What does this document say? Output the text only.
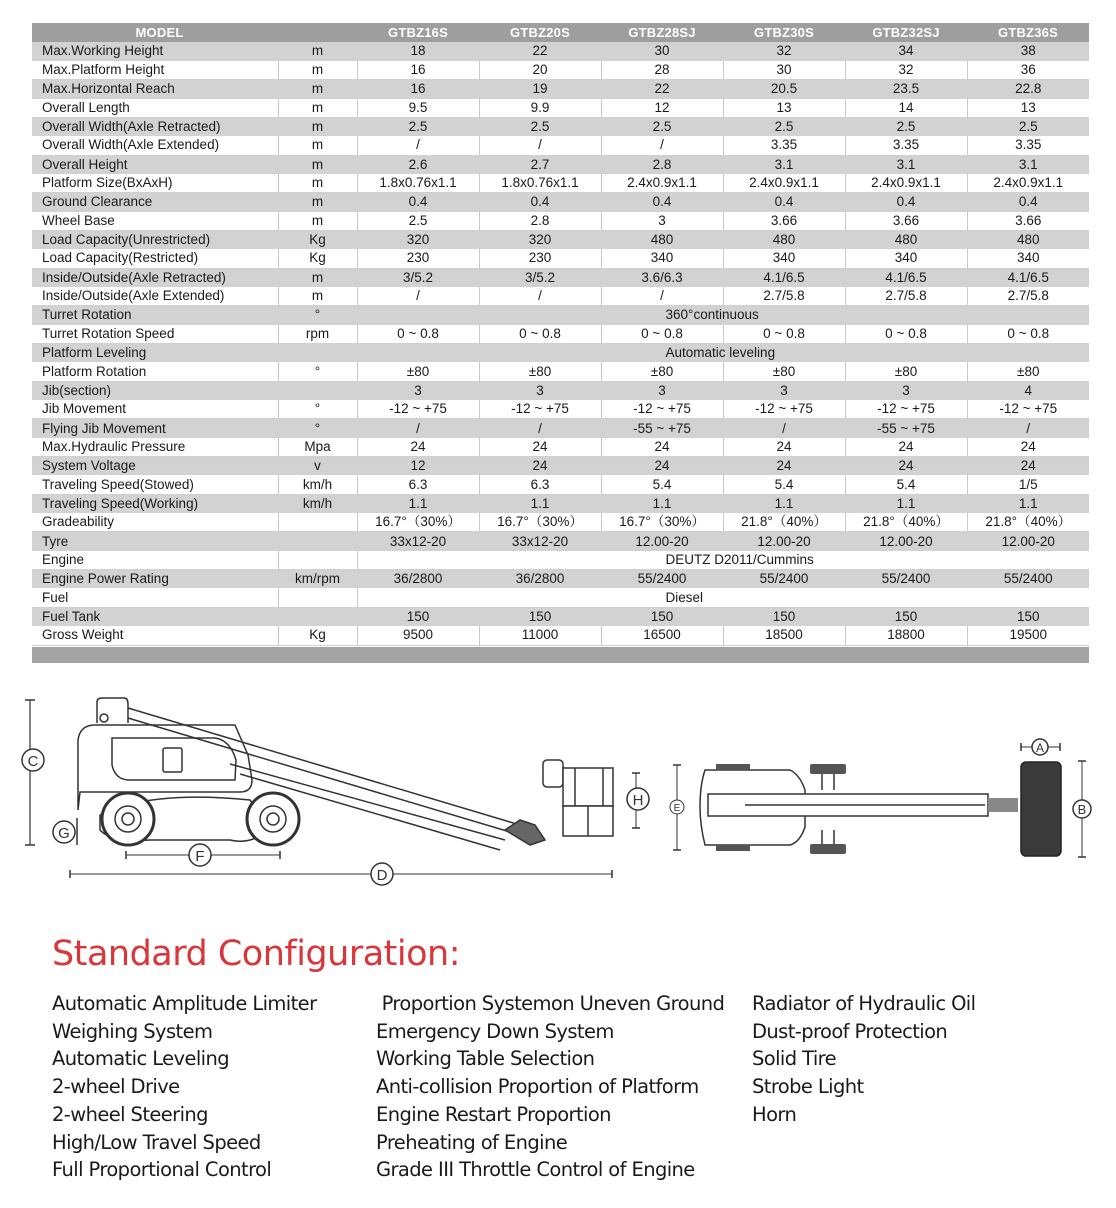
MODEL		GTBZ16S	GTBZ20S	GTBZ28SJ	GTBZ30S	GTBZ32SJ	GTBZ36S
Max.Working Height	m	18	22	30	32	34	38
Max.Platform Height	m	16	20	28	30	32	36
Max.Horizontal Reach	m	16	19	22	20.5	23.5	22.8
Overall Length	m	9.5	9.9	12	13	14	13
Overall Width(Axle Retracted)	m	2.5	2.5	2.5	2.5	2.5	2.5
Overall Width(Axle Extended)	m	/	/	/	3.35	3.35	3.35
Overall Height	m	2.6	2.7	2.8	3.1	3.1	3.1
Platform Size(BxAxH)	m	1.8x0.76x1.1	1.8x0.76x1.1	2.4x0.9x1.1	2.4x0.9x1.1	2.4x0.9x1.1	2.4x0.9x1.1
Ground Clearance	m	0.4	0.4	0.4	0.4	0.4	0.4
Wheel Base	m	2.5	2.8	3	3.66	3.66	3.66
Load Capacity(Unrestricted)	Kg	320	320	480	480	480	480
Load Capacity(Restricted)	Kg	230	230	340	340	340	340
Inside/Outside(Axle Retracted)	m	3/5.2	3/5.2	3.6/6.3	4.1/6.5	4.1/6.5	4.1/6.5
Inside/Outside(Axle Extended)	m	/	/	/	2.7/5.8	2.7/5.8	2.7/5.8
Turret Rotation	°	360°continuous					
Turret Rotation Speed	rpm	0 ~ 0.8	0 ~ 0.8	0 ~ 0.8	0 ~ 0.8	0 ~ 0.8	0 ~ 0.8
Platform Leveling		Automatic leveling					
Platform Rotation	°	±80	±80	±80	±80	±80	±80
Jib(section)		3	3	3	3	3	4
Jib Movement	°	-12 ~ +75	-12 ~ +75	-12 ~ +75	-12 ~ +75	-12 ~ +75	-12 ~ +75
Flying Jib Movement	°	/	/	-55 ~ +75	/	-55 ~ +75	/
Max.Hydraulic Pressure	Mpa	24	24	24	24	24	24
System Voltage	v	12	24	24	24	24	24
Traveling Speed(Stowed)	km/h	6.3	6.3	5.4	5.4	5.4	1/5
Traveling Speed(Working)	km/h	1.1	1.1	1.1	1.1	1.1	1.1
Gradeability		16.7°（30%）	16.7°（30%）	16.7°（30%）	21.8°（40%）	21.8°（40%）	21.8°（40%）
Tyre		33x12-20	33x12-20	12.00-20	12.00-20	12.00-20	12.00-20
Engine		DEUTZ D2011/Cummins					
Engine Power Rating	km/rpm	36/2800	36/2800	55/2400	55/2400	55/2400	55/2400
Fuel		Diesel					
Fuel Tank		150	150	150	150	150	150
Gross Weight	Kg	9500	11000	16500	18500	18800	19500
C
G
F
D
H	E
A
B
Standard Configuration:
Automatic Amplitude Limiter
Weighing System
Automatic Leveling
2-wheel Drive
2-wheel Steering
High/Low Travel Speed
Full Proportional Control
Proportion Systemon Uneven Ground
Emergency Down System
Working Table Selection
Anti-collision Proportion of Platform
Engine Restart Proportion
Preheating of Engine
Grade III Throttle Control of Engine
Radiator of Hydraulic Oil
Dust-proof Protection
Solid Tire
Strobe Light
Horn
